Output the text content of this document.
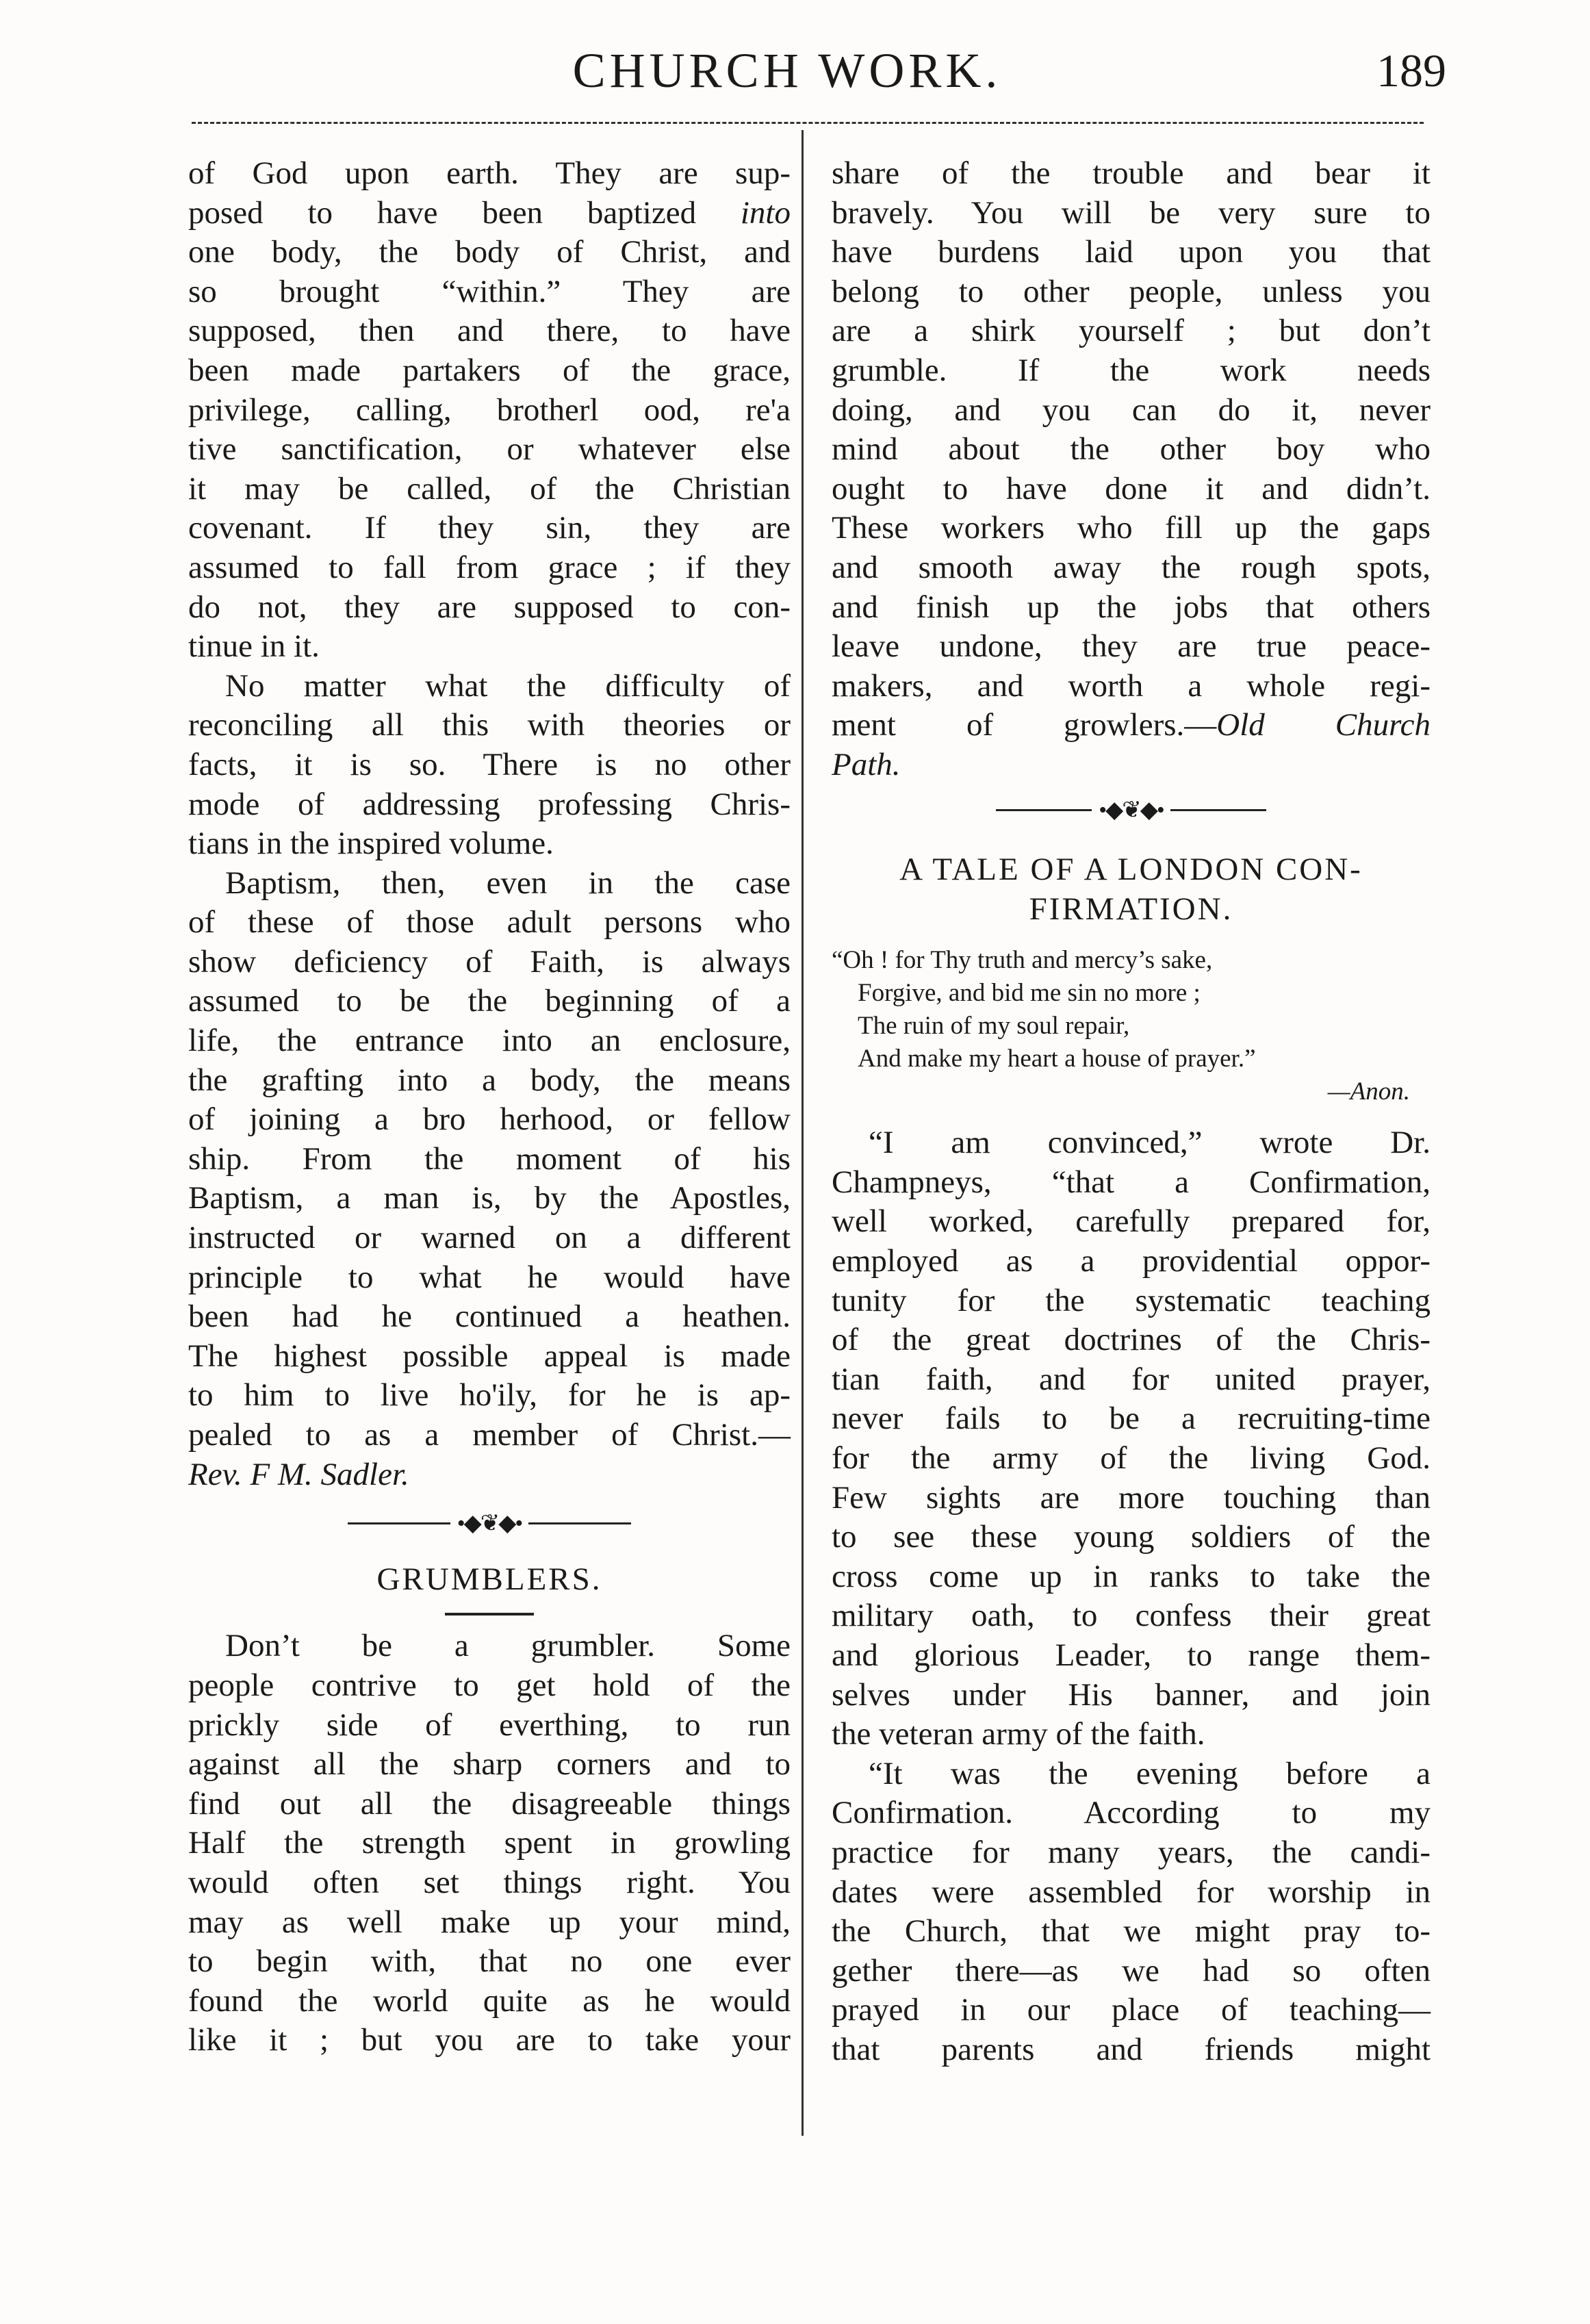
CHURCH WORK.	189

of God upon earth. They are sup-
posed to have been baptized into
one body, the body of Christ, and
so brought “within.” They are
supposed, then and there, to have
been made partakers of the grace,
privilege, calling, brotherl ood, re'a
tive sanctification, or whatever else
it may be called, of the Christian
covenant. If they sin, they are
assumed to fall from grace ; if they
do not, they are supposed to con-
tinue in it.

No matter what the difficulty of
reconciling all this with theories or
facts, it is so. There is no other
mode of addressing professing Chris-
tians in the inspired volume.

Baptism, then, even in the case
of these of those adult persons who
show deficiency of Faith, is always
assumed to be the beginning of a
life, the entrance into an enclosure,
the grafting into a body, the means
of joining a bro herhood, or fellow
ship. From the moment of his
Baptism, a man is, by the Apostles,
instructed or warned on a different
principle to what he would have
been had he continued a heathen.
The highest possible appeal is made
to him to live ho'ily, for he is ap-
pealed to as a member of Christ.—

Rev. F M. Sadler.
•◆❦◆•
GRUMBLERS.

Don’t be a grumbler. Some
people contrive to get hold of the
prickly side of everthing, to run
against all the sharp corners and to
find out all the disagreeable things
Half the strength spent in growling
would often set things right. You
may as well make up your mind,
to begin with, that no one ever
found the world quite as he would
like it ; but you are to take your

share of the trouble and bear it
bravely. You will be very sure to
have burdens laid upon you that
belong to other people, unless you
are a shirk yourself ; but don’t
grumble. If the work needs
doing, and you can do it, never
mind about the other boy who
ought to have done it and didn’t.
These workers who fill up the gaps
and smooth away the rough spots,
and finish up the jobs that others
leave undone, they are true peace-
makers, and worth a whole regi-
ment of growlers.—Old Church
Path.

•◆❦◆•
A TALE OF A LONDON CON-
FIRMATION.
“Oh ! for Thy truth and mercy’s sake,
Forgive, and bid me sin no more ;
The ruin of my soul repair,
And make my heart a house of prayer.”
—Anon.

“I am convinced,” wrote Dr.
Champneys, “that a Confirmation,
well worked, carefully prepared for,
employed as a providential oppor-
tunity for the systematic teaching
of the great doctrines of the Chris-
tian faith, and for united prayer,
never fails to be a recruiting-time
for the army of the living God.
Few sights are more touching than
to see these young soldiers of the
cross come up in ranks to take the
military oath, to confess their great
and glorious Leader, to range them-
selves under His banner, and join
the veteran army of the faith.

“It was the evening before a
Confirmation. According to my
practice for many years, the candi-
dates were assembled for worship in
the Church, that we might pray to-
gether there—as we had so often
prayed in our place of teaching—
that parents and friends might
